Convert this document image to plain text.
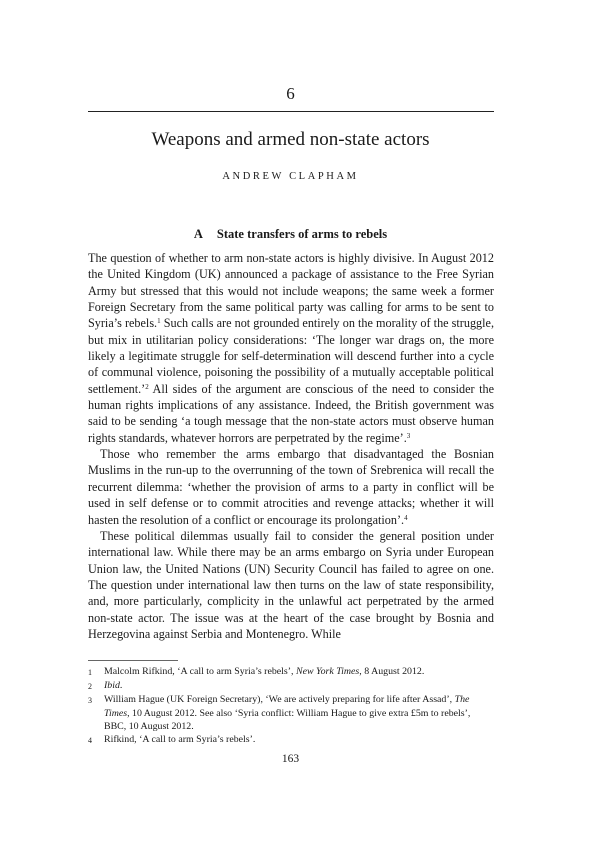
6
Weapons and armed non-state actors
ANDREW CLAPHAM
A State transfers of arms to rebels

The question of whether to arm non-state actors is highly divisive. In August 2012 the United Kingdom (UK) announced a package of assistance to the Free Syrian Army but stressed that this would not include weapons; the same week a former Foreign Secretary from the same political party was calling for arms to be sent to Syria’s rebels.$^1$ Such calls are not grounded entirely on the morality of the struggle, but mix in utilitarian policy considerations: ‘The longer war drags on, the more likely a legitimate struggle for self-determination will descend further into a cycle of communal violence, poisoning the possibility of a mutually acceptable political settlement.’$^2$ All sides of the argument are conscious of the need to consider the human rights implications of any assistance. Indeed, the British government was said to be sending ‘a tough message that the non-state actors must observe human rights standards, whatever horrors are perpetrated by the regime’.$^3$

Those who remember the arms embargo that disadvantaged the Bosnian Muslims in the run-up to the overrunning of the town of Srebrenica will recall the recurrent dilemma: ‘whether the provision of arms to a party in conflict will be used in self defense or to commit atrocities and revenge attacks; whether it will hasten the resolution of a conflict or encourage its prolongation’.$^4$

These political dilemmas usually fail to consider the general position under international law. While there may be an arms embargo on Syria under European Union law, the United Nations (UN) Security Council has failed to agree on one. The question under international law then turns on the law of state responsibility, and, more particularly, complicity in the unlawful act perpetrated by the armed non-state actor. The issue was at the heart of the case brought by Bosnia and Herzegovina against Serbia and Montenegro. While

1	Malcolm Rifkind, ‘A call to arm Syria’s rebels’, New York Times, 8 August 2012.
2	Ibid.
3	William Hague (UK Foreign Secretary), ‘We are actively preparing for life after Assad’, The Times, 10 August 2012. See also ‘Syria conflict: William Hague to give extra £5m to rebels’, BBC, 10 August 2012.
4	Rifkind, ‘A call to arm Syria’s rebels’.
163
